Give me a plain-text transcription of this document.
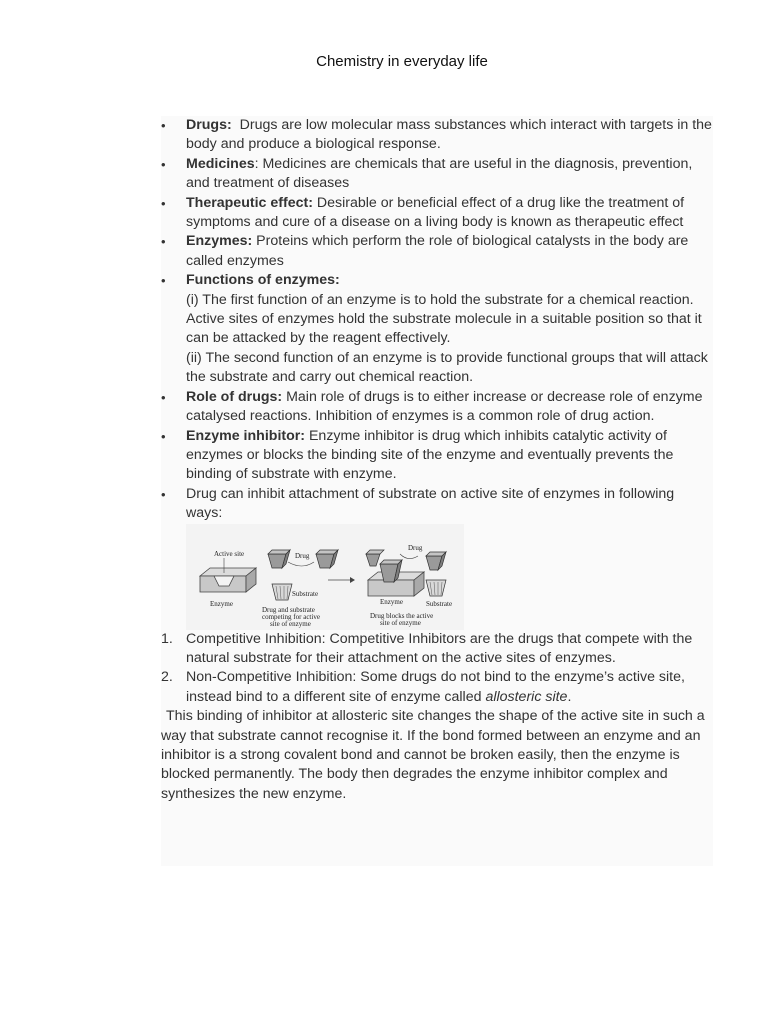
Chemistry in everyday life
• Drugs:  Drugs are low molecular mass substances which interact with targets in the body and produce a biological response.
• Medicines: Medicines are chemicals that are useful in the diagnosis, prevention, and treatment of diseases
• Therapeutic effect: Desirable or beneficial effect of a drug like the treatment of symptoms and cure of a disease on a living body is known as therapeutic effect
• Enzymes: Proteins which perform the role of biological catalysts in the body are called enzymes
• Functions of enzymes:
(i) The first function of an enzyme is to hold the substrate for a chemical reaction. Active sites of enzymes hold the substrate molecule in a suitable position so that it can be attacked by the reagent effectively.
(ii) The second function of an enzyme is to provide functional groups that will attack the substrate and carry out chemical reaction.
• Role of drugs: Main role of drugs is to either increase or decrease role of enzyme catalysed reactions. Inhibition of enzymes is a common role of drug action.
• Enzyme inhibitor: Enzyme inhibitor is drug which inhibits catalytic activity of enzymes or blocks the binding site of the enzyme and eventually prevents the binding of substrate with enzyme.
• Drug can inhibit attachment of substrate on active site of enzymes in following ways:
Active site
Enzyme
Drug
Substrate
Drug and substrate
competing for active
site of enzyme
Drug
Enzyme	Substrate
Drug blocks the active
site of enzyme
1. Competitive Inhibition: Competitive Inhibitors are the drugs that compete with the natural substrate for their attachment on the active sites of enzymes.
2. Non-Competitive Inhibition: Some drugs do not bind to the enzyme’s active site, instead bind to a different site of enzyme called allosteric site.
This binding of inhibitor at allosteric site changes the shape of the active site in such a way that substrate cannot recognise it. If the bond formed between an enzyme and an inhibitor is a strong covalent bond and cannot be broken easily, then the enzyme is blocked permanently. The body then degrades the enzyme inhibitor complex and synthesizes the new enzyme.
